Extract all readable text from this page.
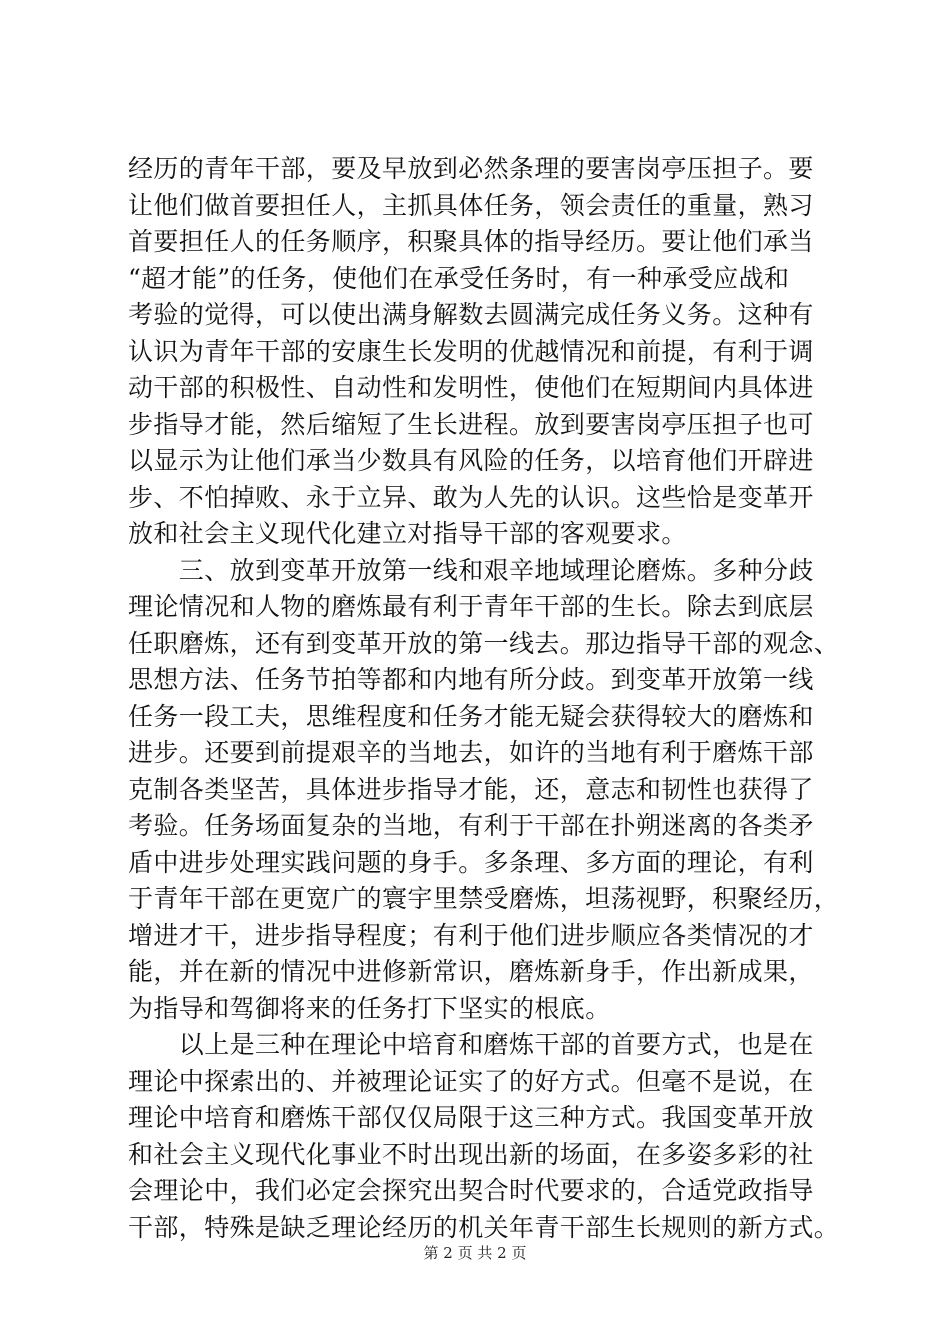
经历的青年干部，要及早放到必然条理的要害岗亭压担子。要
让他们做首要担任人，主抓具体任务，领会责任的重量，熟习
首要担任人的任务顺序，积聚具体的指导经历。要让他们承当
“超才能”的任务，使他们在承受任务时，有一种承受应战和
考验的觉得，可以使出满身解数去圆满完成任务义务。这种有
认识为青年干部的安康生长发明的优越情况和前提，有利于调
动干部的积极性、自动性和发明性，使他们在短期间内具体进
步指导才能，然后缩短了生长进程。放到要害岗亭压担子也可
以显示为让他们承当少数具有风险的任务，以培育他们开辟进
步、不怕掉败、永于立异、敢为人先的认识。这些恰是变革开
放和社会主义现代化建立对指导干部的客观要求。
　　三、放到变革开放第一线和艰辛地域理论磨炼。多种分歧
理论情况和人物的磨炼最有利于青年干部的生长。除去到底层
任职磨炼，还有到变革开放的第一线去。那边指导干部的观念、
思想方法、任务节拍等都和内地有所分歧。到变革开放第一线
任务一段工夫，思维程度和任务才能无疑会获得较大的磨炼和
进步。还要到前提艰辛的当地去，如许的当地有利于磨炼干部
克制各类坚苦，具体进步指导才能，还，意志和韧性也获得了
考验。任务场面复杂的当地，有利于干部在扑朔迷离的各类矛
盾中进步处理实践问题的身手。多条理、多方面的理论，有利
于青年干部在更宽广的寰宇里禁受磨炼，坦荡视野，积聚经历，
增进才干，进步指导程度；有利于他们进步顺应各类情况的才
能，并在新的情况中进修新常识，磨炼新身手，作出新成果，
为指导和驾御将来的任务打下坚实的根底。
　　以上是三种在理论中培育和磨炼干部的首要方式，也是在
理论中探索出的、并被理论证实了的好方式。但毫不是说，在
理论中培育和磨炼干部仅仅局限于这三种方式。我国变革开放
和社会主义现代化事业不时出现出新的场面，在多姿多彩的社
会理论中，我们必定会探究出契合时代要求的，合适党政指导
干部，特殊是缺乏理论经历的机关年青干部生长规则的新方式。
第 2 页 共 2 页
